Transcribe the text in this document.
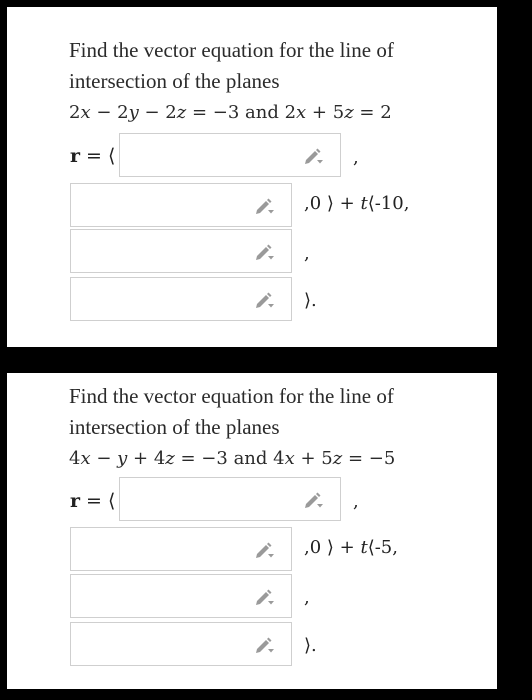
Find the vector equation for the line of
intersection of the planes
2x − 2y − 2z = −3 and 2x + 5z = 2
r = ⟨	,
,0 ⟩ + t⟨-10,
,
⟩.
Find the vector equation for the line of
intersection of the planes
4x − y + 4z = −3 and 4x + 5z = −5
r = ⟨	,
,0 ⟩ + t⟨-5,
,
⟩.
